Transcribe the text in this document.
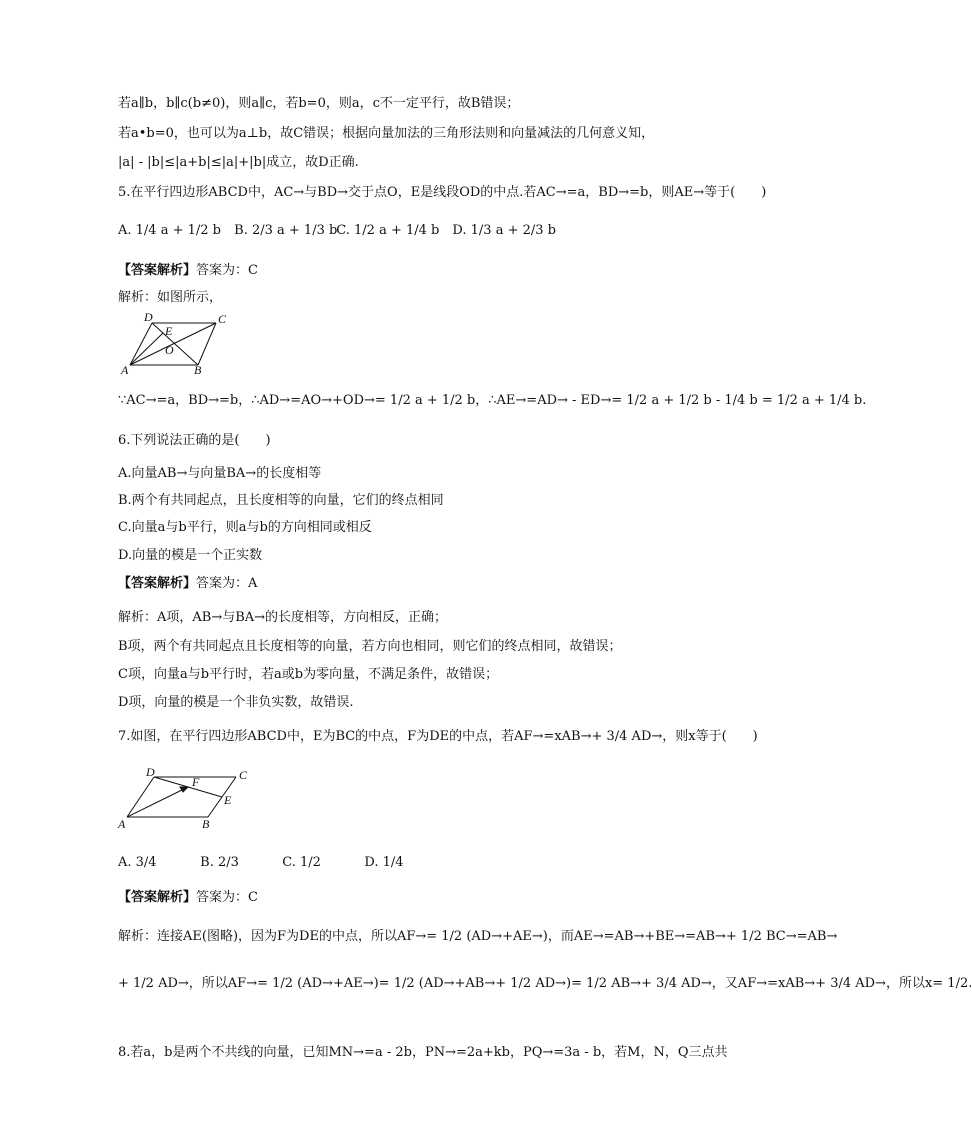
若a∥b，b∥c(b≠0)，则a∥c，若b=0，则a，c不一定平行，故B错误；
若a•b=0，也可以为a⊥b，故C错误；根据向量加法的三角形法则和向量减法的几何意义知，
|a| - |b|≤|a+b|≤|a|+|b|成立，故D正确.
5.在平行四边形ABCD中，AC→与BD→交于点O，E是线段OD的中点.若AC→=a，BD→=b，则AE→等于(　　)
A. 1/4 a + 1/2 b B. 2/3 a + 1/3 b C. 1/2 a + 1/4 b D. 1/3 a + 2/3 b
【答案解析】答案为：C
解析：如图所示，
A	B
C
D
E
O
∵AC→=a，BD→=b，∴AD→=AO→+OD→= 1/2 a + 1/2 b，∴AE→=AD→ - ED→= 1/2 a + 1/2 b - 1/4 b = 1/2 a + 1/4 b.
6.下列说法正确的是(　　)
A.向量AB→与向量BA→的长度相等
B.两个有共同起点，且长度相等的向量，它们的终点相同
C.向量a与b平行，则a与b的方向相同或相反
D.向量的模是一个正实数
【答案解析】答案为：A
解析：A项，AB→与BA→的长度相等，方向相反，正确；
B项，两个有共同起点且长度相等的向量，若方向也相同，则它们的终点相同，故错误；
C项，向量a与b平行时，若a或b为零向量，不满足条件，故错误；
D项，向量的模是一个非负实数，故错误.
7.如图，在平行四边形ABCD中，E为BC的中点，F为DE的中点，若AF→=xAB→+ 3/4 AD→，则x等于(　　)
A	B
C
D
E
F
A. 3/4	B. 2/3	C. 1/2	D. 1/4
【答案解析】答案为：C
解析：连接AE(图略)，因为F为DE的中点，所以AF→= 1/2 (AD→+AE→)，而AE→=AB→+BE→=AB→+ 1/2 BC→=AB→
+ 1/2 AD→，所以AF→= 1/2 (AD→+AE→)= 1/2 (AD→+AB→+ 1/2 AD→)= 1/2 AB→+ 3/4 AD→，又AF→=xAB→+ 3/4 AD→，所以x= 1/2.
8.若a，b是两个不共线的向量，已知MN→=a - 2b，PN→=2a+kb，PQ→=3a - b，若M，N，Q三点共
